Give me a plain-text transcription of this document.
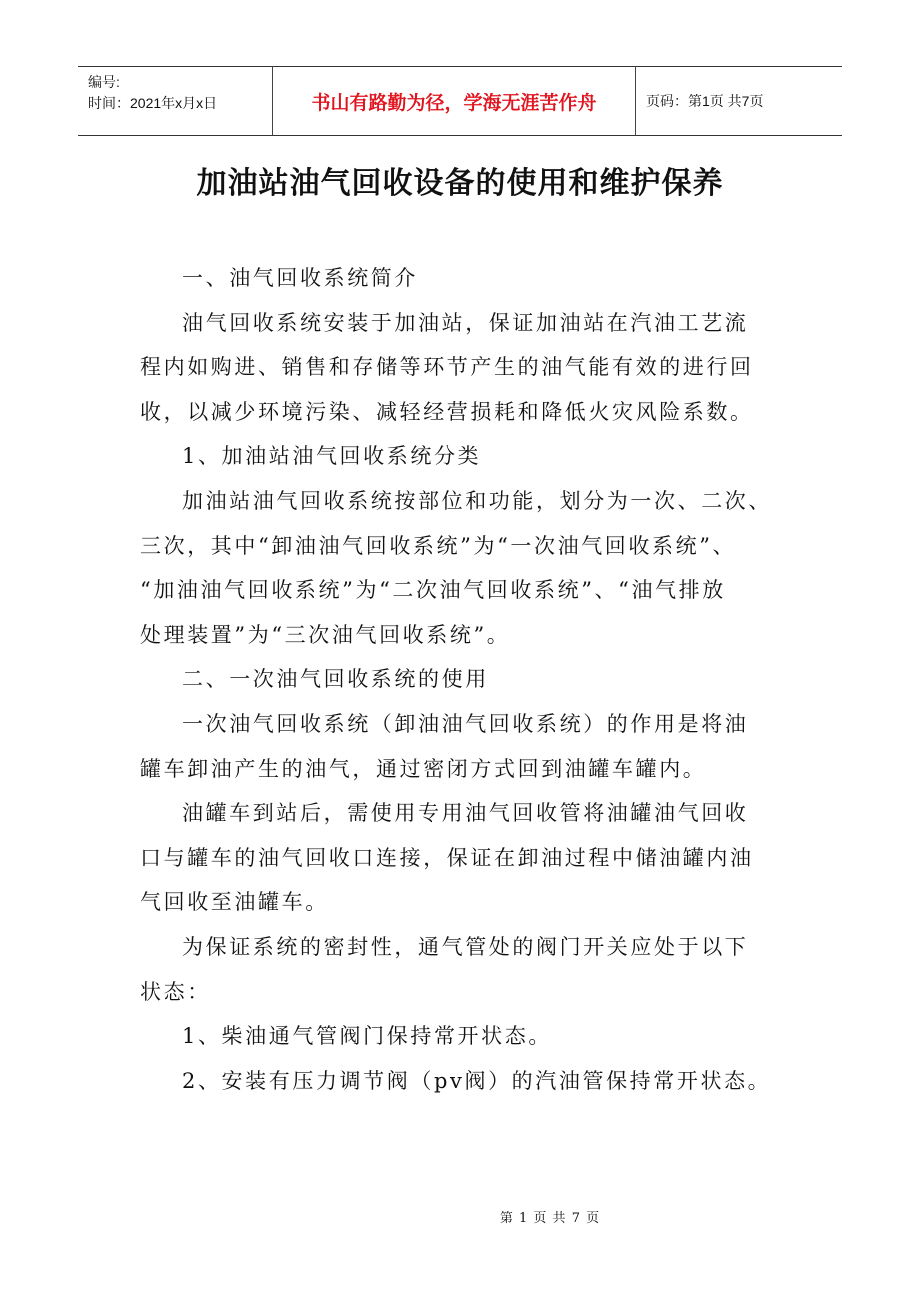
编号:
时间：2021年x月x日	书山有路勤为径，学海无涯苦作舟	页码：第1页 共7页
加油站油气回收设备的使用和维护保养

一、油气回收系统简介

油气回收系统安装于加油站，保证加油站在汽油工艺流
程内如购进、销售和存储等环节产生的油气能有效的进行回
收，以减少环境污染、减轻经营损耗和降低火灾风险系数。

1、加油站油气回收系统分类

加油站油气回收系统按部位和功能，划分为一次、二次、
三次，其中“卸油油气回收系统”为“一次油气回收系统”、
“加油油气回收系统”为“二次油气回收系统”、“油气排放
处理装置”为“三次油气回收系统”。

二、一次油气回收系统的使用

一次油气回收系统（卸油油气回收系统）的作用是将油
罐车卸油产生的油气，通过密闭方式回到油罐车罐内。

油罐车到站后，需使用专用油气回收管将油罐油气回收
口与罐车的油气回收口连接，保证在卸油过程中储油罐内油
气回收至油罐车。

为保证系统的密封性，通气管处的阀门开关应处于以下
状态：

1、柴油通气管阀门保持常开状态。

2、安装有压力调节阀（pv阀）的汽油管保持常开状态。

第 1 页 共 7 页
